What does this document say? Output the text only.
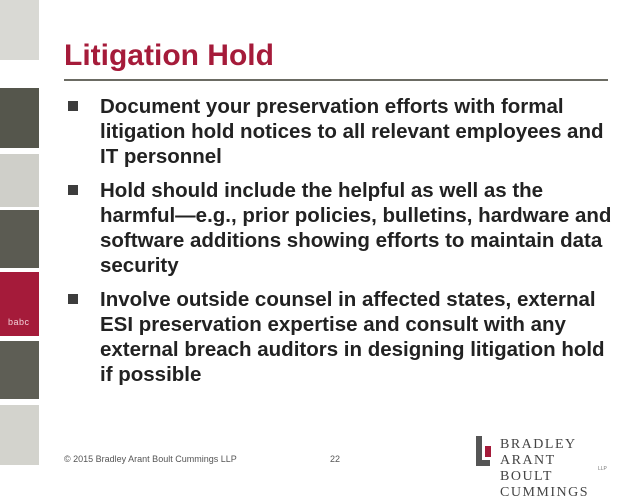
babc
Litigation Hold
Document your preservation efforts with formal litigation hold notices to all relevant employees and IT personnel
Hold should include the helpful as well as the harmful—e.g., prior policies, bulletins, hardware and software additions showing efforts to maintain data security
Involve outside counsel in affected states, external ESI preservation expertise and consult with any external breach auditors in designing litigation hold if possible
© 2015 Bradley Arant Boult Cummings LLP	22
BRADLEY ARANT
BOULT CUMMINGS
LLP
